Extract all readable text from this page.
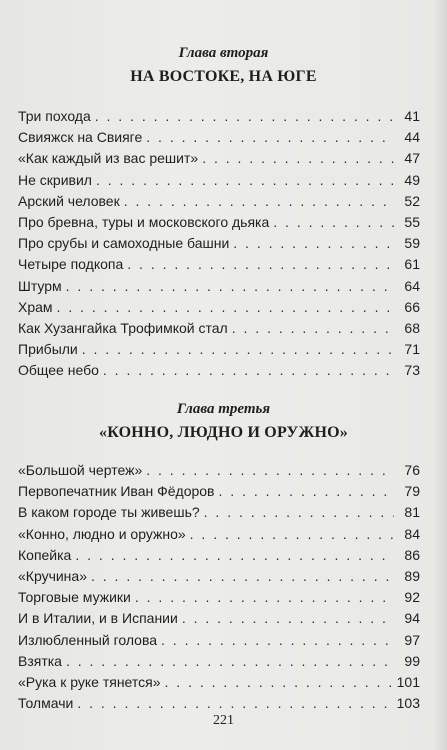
Глава вторая
НА ВОСТОКЕ, НА ЮГЕ
Три похода . . .	41
Свияжск на Свияге . . .	44
«Как каждый из вас решит» . . .	47
Не скривил . . .	49
Арский человек . . .	52
Про бревна, туры и московского дьяка . . .	55
Про срубы и самоходные башни . . .	59
Четыре подкопа . . .	61
Штурм . . .	64
Храм . . .	66
Как Хузангайка Трофимкой стал . . .	68
Прибыли . . .	71
Общее небо . . .	73
Глава третья
«КОННО, ЛЮДНО И ОРУЖНО»
«Большой чертеж» . . .	76
Первопечатник Иван Фёдоров . . .	79
В каком городе ты живешь? . . .	81
«Конно, людно и оружно» . . .	84
Копейка . . .	86
«Кручина» . . .	89
Торговые мужики . . .	92
И в Италии, и в Испании . . .	94
Излюбленный голова . . .	97
Взятка . . .	99
«Рука к руке тянется» . . .	101
Толмачи . . .	103
221
